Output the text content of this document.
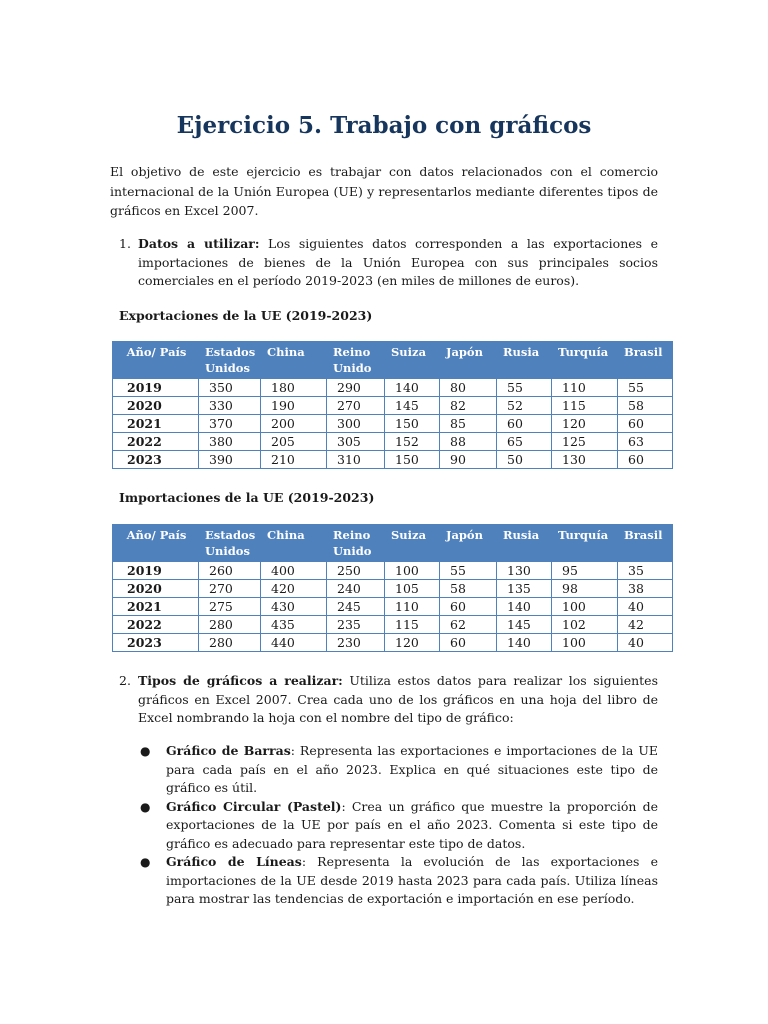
Ejercicio 5. Trabajo con gráficos

El objetivo de este ejercicio es trabajar con datos relacionados con el comercio internacional de la Unión Europea (UE) y representarlos mediante diferentes tipos de gráficos en Excel 2007.

1. Datos a utilizar: Los siguientes datos corresponden a las exportaciones e importaciones de bienes de la Unión Europea con sus principales socios comerciales en el período 2019-2023 (en miles de millones de euros).

Exportaciones de la UE (2019-2023)

Año/ País	Estados Unidos	China	Reino Unido	Suiza	Japón	Rusia	Turquía	Brasil
2019	350	180	290	140	80	55	110	55
2020	330	190	270	145	82	52	115	58
2021	370	200	300	150	85	60	120	60
2022	380	205	305	152	88	65	125	63
2023	390	210	310	150	90	50	130	60

Importaciones de la UE (2019-2023)

Año/ País	Estados Unidos	China	Reino Unido	Suiza	Japón	Rusia	Turquía	Brasil
2019	260	400	250	100	55	130	95	35
2020	270	420	240	105	58	135	98	38
2021	275	430	245	110	60	140	100	40
2022	280	435	235	115	62	145	102	42
2023	280	440	230	120	60	140	100	40
2. Tipos de gráficos a realizar: Utiliza estos datos para realizar los siguientes gráficos en Excel 2007. Crea cada uno de los gráficos en una hoja del libro de Excel nombrando la hoja con el nombre del tipo de gráfico:
● Gráfico de Barras: Representa las exportaciones e importaciones de la UE para cada país en el año 2023. Explica en qué situaciones este tipo de gráfico es útil.
● Gráfico Circular (Pastel): Crea un gráfico que muestre la proporción de exportaciones de la UE por país en el año 2023. Comenta si este tipo de gráfico es adecuado para representar este tipo de datos.
● Gráfico de Líneas: Representa la evolución de las exportaciones e importaciones de la UE desde 2019 hasta 2023 para cada país. Utiliza líneas para mostrar las tendencias de exportación e importación en ese período.
